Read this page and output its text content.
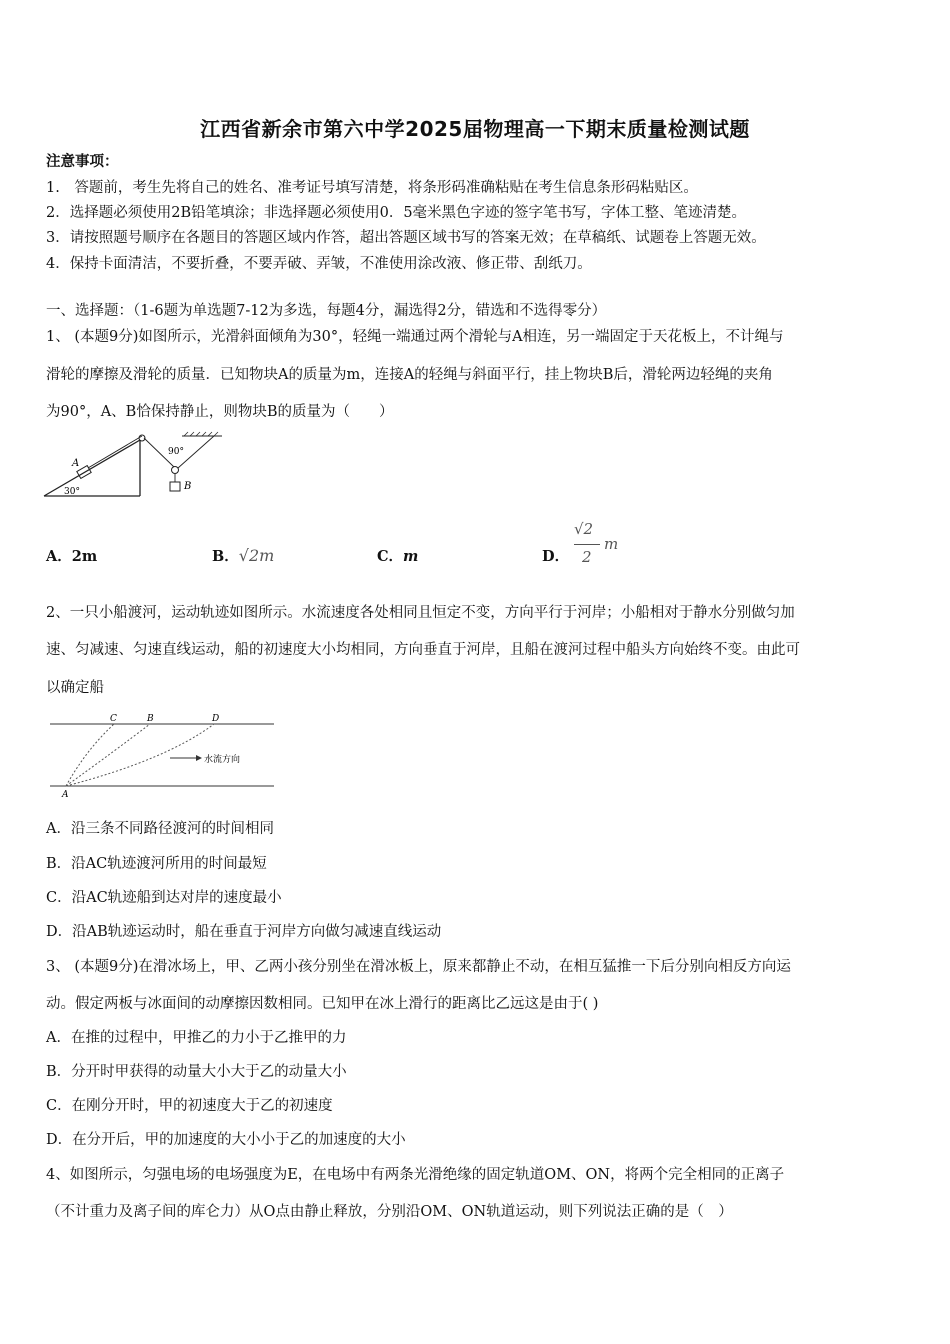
江西省新余市第六中学2025届物理高一下期末质量检测试题
注意事项：
1.　答题前，考生先将自己的姓名、准考证号填写清楚，将条形码准确粘贴在考生信息条形码粘贴区。
2．选择题必须使用2B铅笔填涂；非选择题必须使用0．5毫米黑色字迹的签字笔书写，字体工整、笔迹清楚。
3．请按照题号顺序在各题目的答题区域内作答，超出答题区域书写的答案无效；在草稿纸、试题卷上答题无效。
4．保持卡面清洁，不要折叠，不要弄破、弄皱，不准使用涂改液、修正带、刮纸刀。
一、选择题：（1-6题为单选题7-12为多选，每题4分，漏选得2分，错选和不选得零分）
1、 (本题9分)如图所示，光滑斜面倾角为30°，轻绳一端通过两个滑轮与A相连，另一端固定于天花板上，不计绳与
滑轮的摩擦及滑轮的质量．已知物块A的质量为m，连接A的轻绳与斜面平行，挂上物块B后，滑轮两边轻绳的夹角
为90°，A、B恰保持静止，则物块B的质量为（　　）
A
B
30°
90°
A．2m	B．√2m	C．m	D．
√2
2
m
2、一只小船渡河，运动轨迹如图所示。水流速度各处相同且恒定不变，方向平行于河岸；小船相对于静水分别做匀加
速、匀减速、匀速直线运动，船的初速度大小均相同，方向垂直于河岸，且船在渡河过程中船头方向始终不变。由此可
以确定船
C	B	D
A
水流方向
A．沿三条不同路径渡河的时间相同
B．沿AC轨迹渡河所用的时间最短
C．沿AC轨迹船到达对岸的速度最小
D．沿AB轨迹运动时，船在垂直于河岸方向做匀减速直线运动
3、 (本题9分)在滑冰场上，甲、乙两小孩分别坐在滑冰板上，原来都静止不动，在相互猛推一下后分别向相反方向运
动。假定两板与冰面间的动摩擦因数相同。已知甲在冰上滑行的距离比乙远这是由于( )
A．在推的过程中，甲推乙的力小于乙推甲的力
B．分开时甲获得的动量大小大于乙的动量大小
C．在刚分开时，甲的初速度大于乙的初速度
D．在分开后，甲的加速度的大小小于乙的加速度的大小
4、如图所示，匀强电场的电场强度为E，在电场中有两条光滑绝缘的固定轨道OM、ON，将两个完全相同的正离子
（不计重力及离子间的库仑力）从O点由静止释放，分别沿OM、ON轨道运动，则下列说法正确的是（　）
